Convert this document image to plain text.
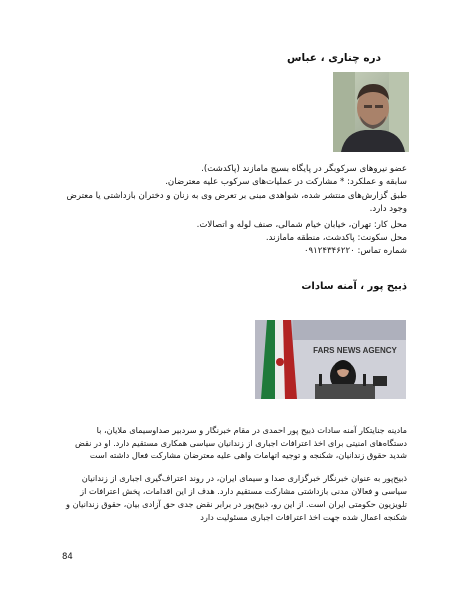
دره چناری ، عباس

عضو نیروهای سرکوبگر در پایگاه بسیج مامازند (پاکدشت).

سابقه و عملکرد: * مشارکت در عملیات‌های سرکوب علیه معترضان.

طبق گزارش‌های منتشر شده، شواهدی مبنی بر تعرض وی به زنان و دختران بازداشتی یا معترض وجود دارد.

محل کار: تهران، خیابان خیام شمالی، صنف لوله و اتصالات.

محل سکونت: پاکدشت، منطقه مامازند.

شماره تماس: ۰۹۱۲۴۳۴۶۲۲۰

ذبیح پور ، آمنه سادات
FARS NEWS AGENCY

مادینه جنایتکار آمنه سادات ذبیح پور احمدی در مقام خبرنگار و سردبیر صداوسیمای ملایان، با دستگاه‌های امنیتی برای اخذ اعترافات اجباری از زندانیان سیاسی همکاری مستقیم دارد. او در نقض شدید حقوق زندانیان، شکنجه و توجیه اتهامات واهی علیه معترضان مشارکت فعال داشته است

ذبیح‌پور به عنوان خبرنگار خبرگزاری صدا و سیمای ایران، در روند اعتراف‌گیری اجباری از زندانیان سیاسی و فعالان مدنی بازداشتی مشارکت مستقیم دارد. هدف از این اقدامات، پخش اعترافات از تلویزیون حکومتی ایران است. از این رو، ذبیح‌پور در برابر نقض جدی حق آزادی بیان، حقوق زندانیان و شکنجه اعمال شده جهت اخذ اعترافات اجباری مسئولیت دارد

84
